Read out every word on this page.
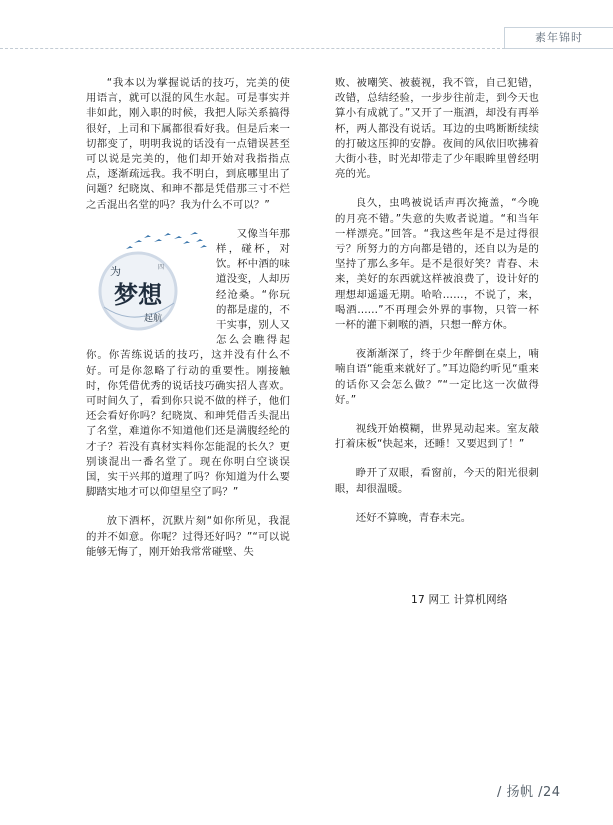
素年锦时

“我本以为掌握说话的技巧，完美的使用语言，就可以混的风生水起。可是事实并非如此，刚入职的时候，我把人际关系搞得很好，上司和下属都很看好我。但是后来一切都变了，明明我说的话没有一点错误甚至可以说是完美的，他们却开始对我指指点点，逐渐疏远我。我不明白，到底哪里出了问题？纪晓岚、和珅不都是凭借那三寸不烂之舌混出名堂的吗？我为什么不可以？”

为	四
梦想
起航
又像当年那样，碰杯，对饮。杯中酒的味道没变，人却历经沧桑。“你玩的都是虚的，不干实事，别人又怎么会瞧得起你。你苦练说话的技巧，这并没有什么不好。可是你忽略了行动的重要性。刚接触时，你凭借优秀的说话技巧确实招人喜欢。可时间久了，看到你只说不做的样子，他们还会看好你吗？纪晓岚、和珅凭借舌头混出了名堂，难道你不知道他们还是满腹经纶的才子？若没有真材实料你怎能混的长久？更别谈混出一番名堂了。现在你明白空谈误国，实干兴邦的道理了吗？你知道为什么要脚踏实地才可以仰望星空了吗？”

放下酒杯，沉默片刻“如你所见，我混的并不如意。你呢？过得还好吗？”“可以说能够无悔了，刚开始我常常碰壁、失

败、被嘲笑、被藐视，我不管，自己犯错，改错，总结经验，一步步往前走，到今天也算小有成就了。”又开了一瓶酒，却没有再举杯，两人都没有说话。耳边的虫鸣断断续续的打破这压抑的安静。夜间的风依旧吹拂着大街小巷，时光却带走了少年眼眸里曾经明亮的光。

良久，虫鸣被说话声再次掩盖，“今晚的月亮不错。”失意的失败者说道。“和当年一样漂亮。”回答。“我这些年是不是过得很亏？所努力的方向都是错的，还自以为是的坚持了那么多年。是不是很好笑？青春、未来，美好的东西就这样被浪费了，设计好的理想却遥遥无期。哈哈……，不说了，来，喝酒……”不再理会外界的事物，只管一杯一杯的灌下刺喉的酒，只想一醉方休。

夜渐渐深了，终于少年醉倒在桌上，喃喃自语“能重来就好了。”耳边隐约听见“重来的话你又会怎么做？”“一定比这一次做得好。”

视线开始模糊，世界晃动起来。室友敲打着床板“快起来，还睡！又要迟到了！”

睁开了双眼，看窗前，今天的阳光很刺眼，却很温暖。

还好不算晚，青春未完。

17 网工 计算机网络
/ 扬帆 /24
